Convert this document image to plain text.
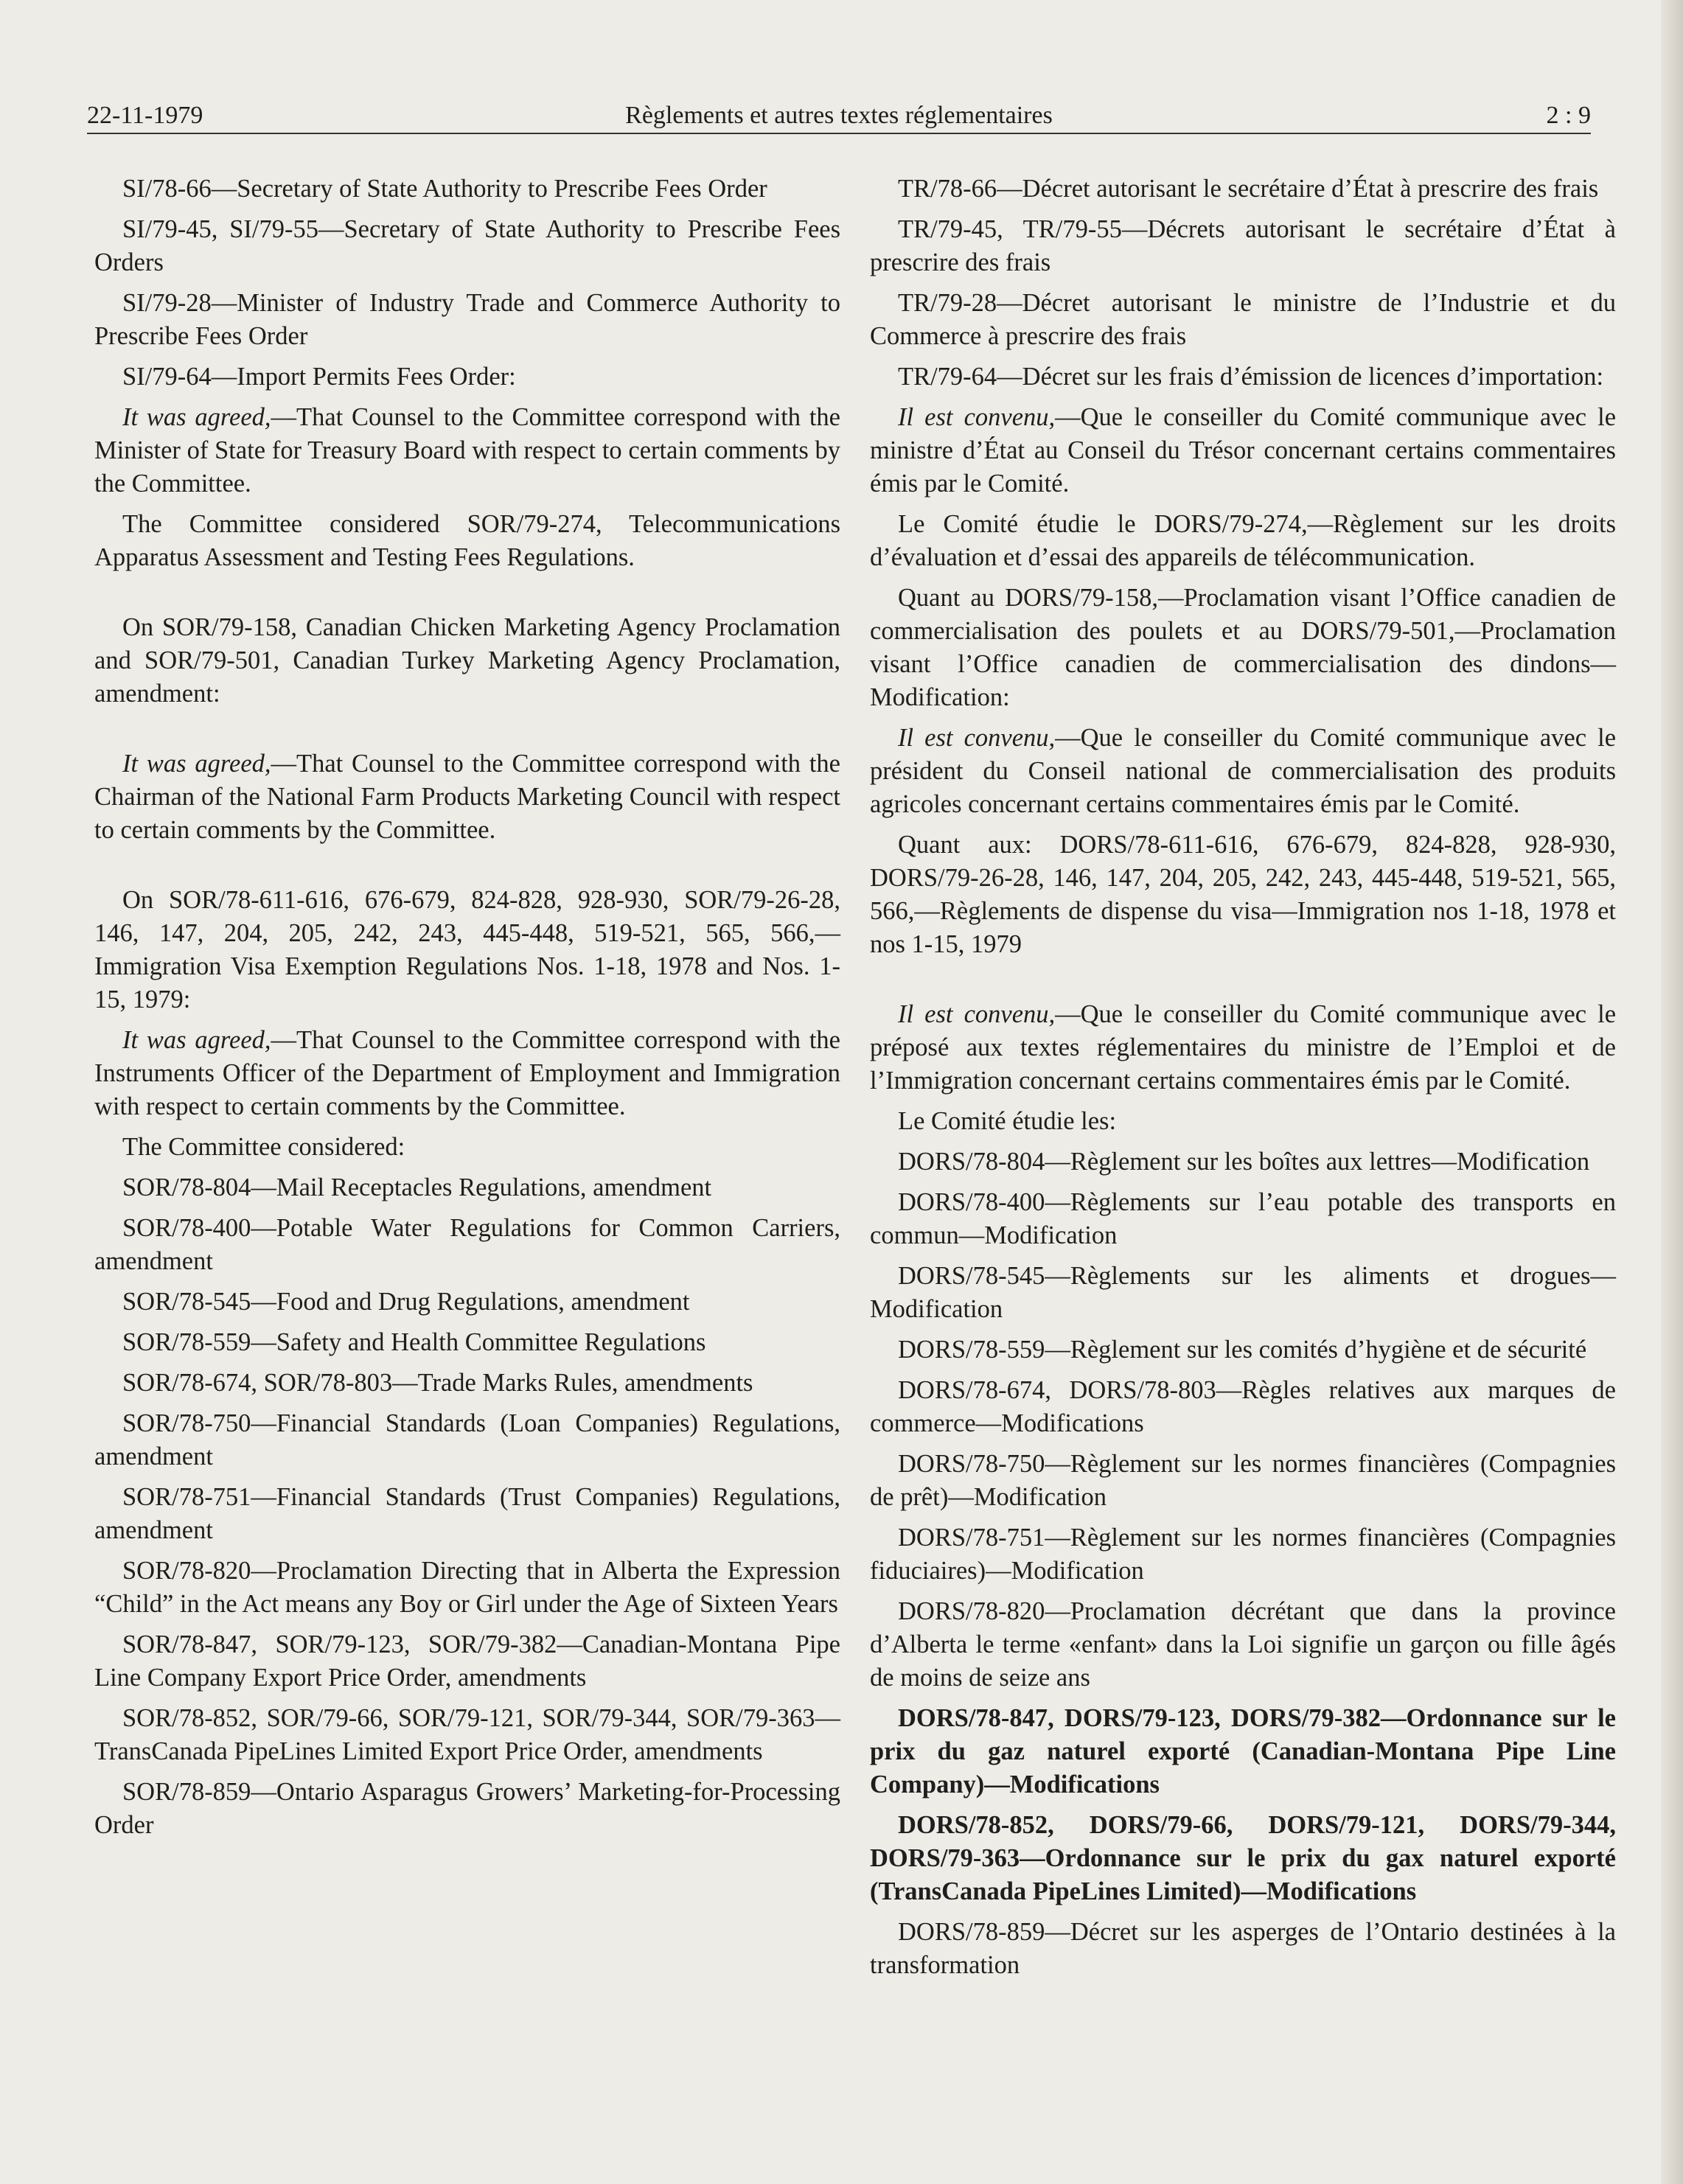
22-11-1979	Règlements et autres textes réglementaires	2 : 9

SI/78-66—Secretary of State Authority to Prescribe Fees Order

SI/79-45, SI/79-55—Secretary of State Authority to Prescribe Fees Orders

SI/79-28—Minister of Industry Trade and Commerce Authority to Prescribe Fees Order

SI/79-64—Import Permits Fees Order:

It was agreed,—That Counsel to the Committee correspond with the Minister of State for Treasury Board with respect to certain comments by the Committee.

The Committee considered SOR/79-274, Telecommunications Apparatus Assessment and Testing Fees Regulations.

On SOR/79-158, Canadian Chicken Marketing Agency Proclamation and SOR/79-501, Canadian Turkey Marketing Agency Proclamation, amendment:

It was agreed,—That Counsel to the Committee correspond with the Chairman of the National Farm Products Marketing Council with respect to certain comments by the Committee.

On SOR/78-611-616, 676-679, 824-828, 928-930, SOR/79-26-28, 146, 147, 204, 205, 242, 243, 445-448, 519-521, 565, 566,—Immigration Visa Exemption Regulations Nos. 1-18, 1978 and Nos. 1-15, 1979:

It was agreed,—That Counsel to the Committee correspond with the Instruments Officer of the Department of Employment and Immigration with respect to certain comments by the Committee.

The Committee considered:

SOR/78-804—Mail Receptacles Regulations, amendment

SOR/78-400—Potable Water Regulations for Common Carriers, amendment

SOR/78-545—Food and Drug Regulations, amendment

SOR/78-559—Safety and Health Committee Regulations

SOR/78-674, SOR/78-803—Trade Marks Rules, amendments

SOR/78-750—Financial Standards (Loan Companies) Regulations, amendment

SOR/78-751—Financial Standards (Trust Companies) Regulations, amendment

SOR/78-820—Proclamation Directing that in Alberta the Expression “Child” in the Act means any Boy or Girl under the Age of Sixteen Years

SOR/78-847, SOR/79-123, SOR/79-382—Canadian-Montana Pipe Line Company Export Price Order, amendments

SOR/78-852, SOR/79-66, SOR/79-121, SOR/79-344, SOR/79-363—TransCanada PipeLines Limited Export Price Order, amendments

SOR/78-859—Ontario Asparagus Growers’ Marketing-for-Processing Order

TR/78-66—Décret autorisant le secrétaire d’État à prescrire des frais

TR/79-45, TR/79-55—Décrets autorisant le secrétaire d’État à prescrire des frais

TR/79-28—Décret autorisant le ministre de l’Industrie et du Commerce à prescrire des frais

TR/79-64—Décret sur les frais d’émission de licences d’importation:

Il est convenu,—Que le conseiller du Comité communique avec le ministre d’État au Conseil du Trésor concernant certains commentaires émis par le Comité.

Le Comité étudie le DORS/79-274,—Règlement sur les droits d’évaluation et d’essai des appareils de télécommunication.

Quant au DORS/79-158,—Proclamation visant l’Office canadien de commercialisation des poulets et au DORS/79-501,—Proclamation visant l’Office canadien de commercialisation des dindons—Modification:

Il est convenu,—Que le conseiller du Comité communique avec le président du Conseil national de commercialisation des produits agricoles concernant certains commentaires émis par le Comité.

Quant aux: DORS/78-611-616, 676-679, 824-828, 928-930, DORS/79-26-28, 146, 147, 204, 205, 242, 243, 445-448, 519-521, 565, 566,—Règlements de dispense du visa—Immigration nos 1-18, 1978 et nos 1-15, 1979

Il est convenu,—Que le conseiller du Comité communique avec le préposé aux textes réglementaires du ministre de l’Emploi et de l’Immigration concernant certains commentaires émis par le Comité.

Le Comité étudie les:

DORS/78-804—Règlement sur les boîtes aux lettres—Modification

DORS/78-400—Règlements sur l’eau potable des transports en commun—Modification

DORS/78-545—Règlements sur les aliments et drogues—Modification

DORS/78-559—Règlement sur les comités d’hygiène et de sécurité

DORS/78-674, DORS/78-803—Règles relatives aux marques de commerce—Modifications

DORS/78-750—Règlement sur les normes financières (Compagnies de prêt)—Modification

DORS/78-751—Règlement sur les normes financières (Compagnies fiduciaires)—Modification

DORS/78-820—Proclamation décrétant que dans la province d’Alberta le terme «enfant» dans la Loi signifie un garçon ou fille âgés de moins de seize ans

DORS/78-847, DORS/79-123, DORS/79-382—Ordonnance sur le prix du gaz naturel exporté (Canadian-Montana Pipe Line Company)—Modifications

DORS/78-852, DORS/79-66, DORS/79-121, DORS/79-344, DORS/79-363—Ordonnance sur le prix du gax naturel exporté (TransCanada PipeLines Limited)—Modifications

DORS/78-859—Décret sur les asperges de l’Ontario destinées à la transformation
